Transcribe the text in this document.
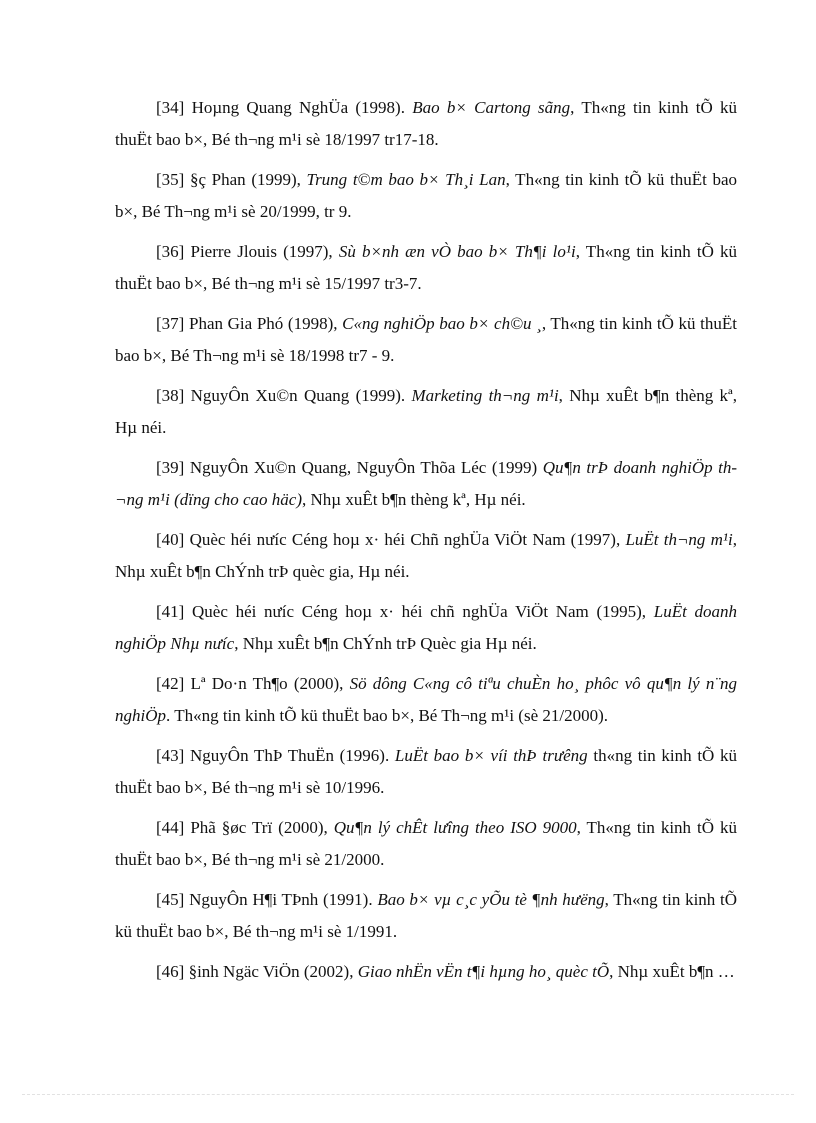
[34] Hoµng Quang NghÜa (1998). Bao b× Cartong sãng, Th«ng tin kinh tÕ kü thuËt bao b×, Bé th¬ng m¹i sè 18/1997 tr17-18.

[35] §ç Phan (1999), Trung t©m bao b× Th¸i Lan, Th«ng tin kinh tÕ kü thuËt bao b×, Bé Th¬ng m¹i sè 20/1999, tr 9.

[36] Pierre Jlouis (1997), Sù b×nh æn vÒ bao b× Th¶i lo¹i, Th«ng tin kinh tÕ kü thuËt bao b×, Bé th¬ng m¹i sè 15/1997 tr3-7.

[37] Phan Gia Phó (1998), C«ng nghiÖp bao b× ch©u ¸, Th«ng tin kinh tÕ kü thuËt bao b×, Bé Th¬ng m¹i sè 18/1998 tr7 - 9.

[38] NguyÔn Xu©n Quang (1999). Marketing th¬ng m¹i, Nhµ xuÊt b¶n thèng kª, Hµ néi.

[39] NguyÔn Xu©n Quang, NguyÔn Thõa Léc (1999) Qu¶n trÞ doanh nghiÖp th¬ng m¹i (dïng cho cao häc), Nhµ xuÊt b¶n thèng kª, Hµ néi.

[40] Quèc héi nưíc Céng hoµ x· héi Chñ nghÜa ViÖt Nam (1997), LuËt th¬ng m¹i, Nhµ xuÊt b¶n ChÝnh trÞ quèc gia, Hµ néi.

[41] Quèc héi nưíc Céng hoµ x· héi chñ nghÜa ViÖt Nam (1995), LuËt doanh nghiÖp Nhµ nưíc, Nhµ xuÊt b¶n ChÝnh trÞ Quèc gia Hµ néi.

[42] Lª Do·n Th¶o (2000), Sö dông C«ng cô tiªu chuÈn ho¸ phôc vô qu¶n lý n¨ng nghiÖp. Th«ng tin kinh tÕ kü thuËt bao b×, Bé Th¬ng m¹i (sè 21/2000).

[43] NguyÔn ThÞ ThuËn (1996). LuËt bao b× víi thÞ trưêng th«ng tin kinh tÕ kü thuËt bao b×, Bé th¬ng m¹i sè 10/1996.

[44] Phã §øc Trï (2000), Qu¶n lý chÊt lưîng theo ISO 9000, Th«ng tin kinh tÕ kü thuËt bao b×, Bé th¬ng m¹i sè 21/2000.

[45] NguyÔn H¶i TÞnh (1991). Bao b× vµ c¸c yÕu tè ¶nh hưëng, Th«ng tin kinh tÕ kü thuËt bao b×, Bé th¬ng m¹i sè 1/1991.

[46] §inh Ngäc ViÖn (2002), Giao nhËn vËn t¶i hµng ho¸ quèc tÕ, Nhµ xuÊt b¶n …
